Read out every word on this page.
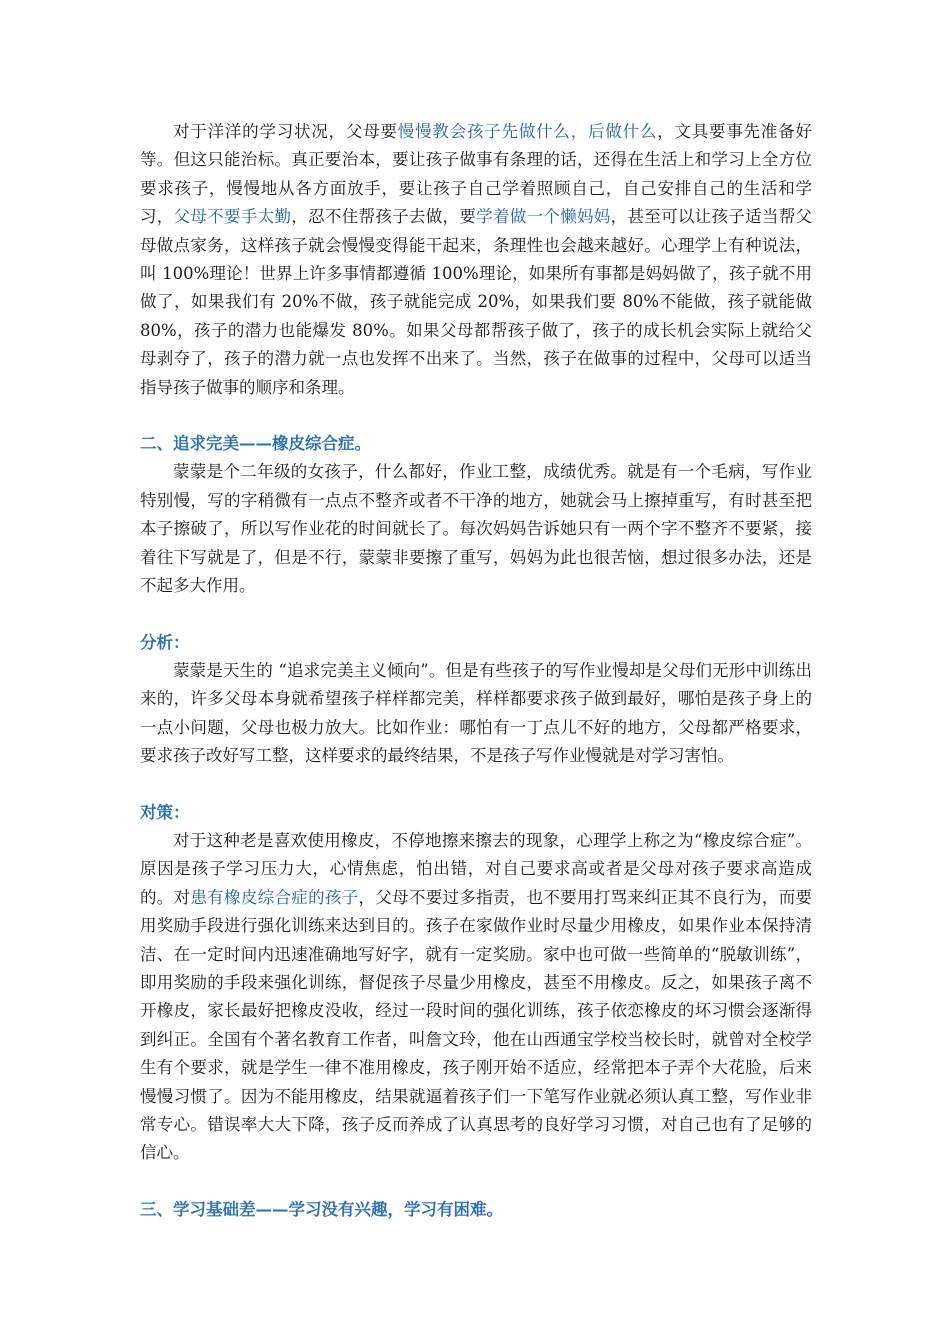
对于洋洋的学习状况，父母要慢慢教会孩子先做什么，后做什么，文具要事先准备好等。但这只能治标。真正要治本，要让孩子做事有条理的话，还得在生活上和学习上全方位要求孩子，慢慢地从各方面放手，要让孩子自己学着照顾自己，自己安排自己的生活和学习，父母不要手太勤，忍不住帮孩子去做，要学着做一个懒妈妈，甚至可以让孩子适当帮父母做点家务，这样孩子就会慢慢变得能干起来，条理性也会越来越好。心理学上有种说法，叫 100%理论！世界上许多事情都遵循 100%理论，如果所有事都是妈妈做了，孩子就不用做了，如果我们有 20%不做，孩子就能完成 20%，如果我们要 80%不能做，孩子就能做 80%，孩子的潜力也能爆发 80%。如果父母都帮孩子做了，孩子的成长机会实际上就给父母剥夺了，孩子的潜力就一点也发挥不出来了。当然，孩子在做事的过程中，父母可以适当指导孩子做事的顺序和条理。

二、追求完美——橡皮综合症。

蒙蒙是个二年级的女孩子，什么都好，作业工整，成绩优秀。就是有一个毛病，写作业特别慢，写的字稍微有一点点不整齐或者不干净的地方，她就会马上擦掉重写，有时甚至把本子擦破了，所以写作业花的时间就长了。每次妈妈告诉她只有一两个字不整齐不要紧，接着往下写就是了，但是不行，蒙蒙非要擦了重写，妈妈为此也很苦恼，想过很多办法，还是不起多大作用。

分析：

蒙蒙是天生的 “追求完美主义倾向”。但是有些孩子的写作业慢却是父母们无形中训练出来的，许多父母本身就希望孩子样样都完美，样样都要求孩子做到最好，哪怕是孩子身上的一点小问题，父母也极力放大。比如作业：哪怕有一丁点儿不好的地方，父母都严格要求，要求孩子改好写工整，这样要求的最终结果，不是孩子写作业慢就是对学习害怕。

对策：

对于这种老是喜欢使用橡皮，不停地擦来擦去的现象，心理学上称之为“橡皮综合症”。原因是孩子学习压力大，心情焦虑，怕出错，对自己要求高或者是父母对孩子要求高造成的。对患有橡皮综合症的孩子，父母不要过多指责，也不要用打骂来纠正其不良行为，而要用奖励手段进行强化训练来达到目的。孩子在家做作业时尽量少用橡皮，如果作业本保持清洁、在一定时间内迅速准确地写好字，就有一定奖励。家中也可做一些简单的“脱敏训练”，即用奖励的手段来强化训练，督促孩子尽量少用橡皮，甚至不用橡皮。反之，如果孩子离不开橡皮，家长最好把橡皮没收，经过一段时间的强化训练，孩子依恋橡皮的坏习惯会逐渐得到纠正。全国有个著名教育工作者，叫詹文玲，他在山西通宝学校当校长时，就曾对全校学生有个要求，就是学生一律不准用橡皮，孩子刚开始不适应，经常把本子弄个大花脸，后来慢慢习惯了。因为不能用橡皮，结果就逼着孩子们一下笔写作业就必须认真工整，写作业非常专心。错误率大大下降，孩子反而养成了认真思考的良好学习习惯，对自己也有了足够的信心。

三、学习基础差——学习没有兴趣，学习有困难。
